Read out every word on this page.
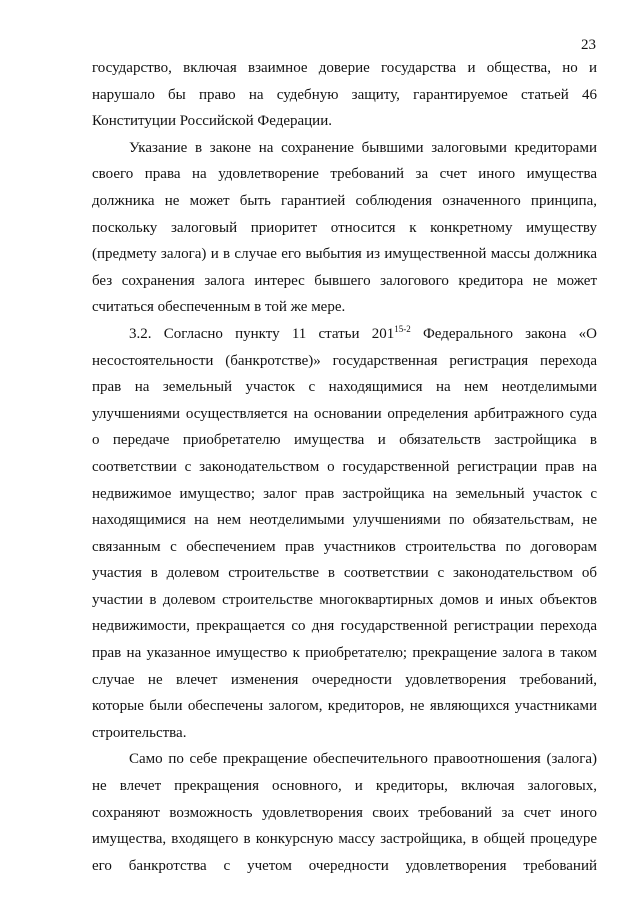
23

государство, включая взаимное доверие государства и общества, но и

нарушало бы право на судебную защиту, гарантируемое статьей 46

Конституции Российской Федерации.

Указание в законе на сохранение бывшими залоговыми кредиторами

своего права на удовлетворение требований за счет иного имущества

должника не может быть гарантией соблюдения означенного принципа,

поскольку залоговый приоритет относится к конкретному имуществу

(предмету залога) и в случае его выбытия из имущественной массы должника

без сохранения залога интерес бывшего залогового кредитора не может

считаться обеспеченным в той же мере.

3.2. Согласно пункту 11 статьи 201$^{15-2}$ Федерального закона «О

несостоятельности (банкротстве)» государственная регистрация перехода

прав на земельный участок с находящимися на нем неотделимыми

улучшениями осуществляется на основании определения арбитражного суда

о передаче приобретателю имущества и обязательств застройщика в

соответствии с законодательством о государственной регистрации прав на

недвижимое имущество; залог прав застройщика на земельный участок с

находящимися на нем неотделимыми улучшениями по обязательствам, не

связанным с обеспечением прав участников строительства по договорам

участия в долевом строительстве в соответствии с законодательством об

участии в долевом строительстве многоквартирных домов и иных объектов

недвижимости, прекращается со дня государственной регистрации перехода

прав на указанное имущество к приобретателю; прекращение залога в таком

случае не влечет изменения очередности удовлетворения требований,

которые были обеспечены залогом, кредиторов, не являющихся участниками

строительства.

Само по себе прекращение обеспечительного правоотношения (залога)

не влечет прекращения основного, и кредиторы, включая залоговых,

сохраняют возможность удовлетворения своих требований за счет иного

имущества, входящего в конкурсную массу застройщика, в общей процедуре

его банкротства с учетом очередности удовлетворения требований
